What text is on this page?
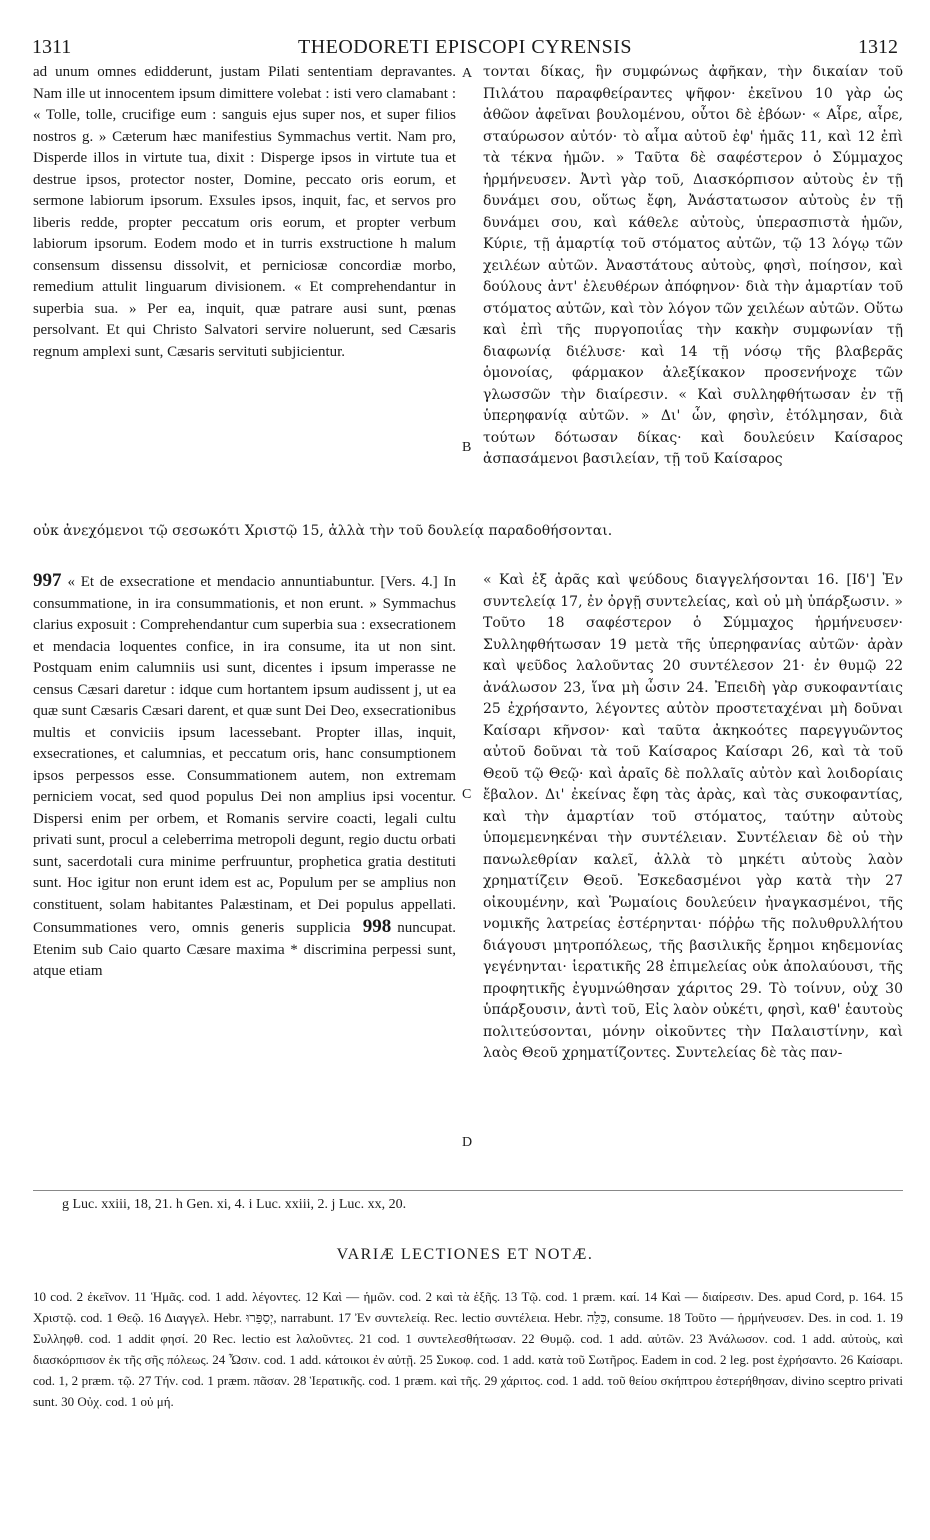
1311	THEODORETI EPISCOPI CYRENSIS	1312
A
B
C
D

ad unum omnes edidderunt, justam Pilati sententiam depravantes. Nam ille ut innocentem ipsum dimittere volebat : isti vero clamabant : « Tolle, tolle, crucifige eum : sanguis ejus super nos, et super filios nostros g. » Cæterum hæc manifestius Symmachus vertit. Nam pro, Disperde illos in virtute tua, dixit : Disperge ipsos in virtute tua et destrue ipsos, protector noster, Domine, peccato oris eorum, et sermone labiorum ipsorum. Exsules ipsos, inquit, fac, et servos pro liberis redde, propter peccatum oris eorum, et propter verbum labiorum ipsorum. Eodem modo et in turris exstructione h malum consensum dissensu dissolvit, et perniciosæ concordiæ morbo, remedium attulit linguarum divisionem. « Et comprehendantur in superbia sua. » Per ea, inquit, quæ patrare ausi sunt, pœnas persolvant. Et qui Christo Salvatori servire noluerunt, sed Cæsaris regnum amplexi sunt, Cæsaris servituti subjicientur.

τονται δίκας, ἣν συμφώνως ἀφῆκαν, τὴν δικαίαν τοῦ Πιλάτου παραφθείραντες ψῆφον· ἐκεῖνου 10 γὰρ ὡς ἀθῶον ἀφεῖναι βουλομένου, οὗτοι δὲ ἐβόων· « Αἶρε, αἶρε, σταύρωσον αὐτόν· τὸ αἷμα αὐτοῦ ἐφ' ἡμᾶς 11, καὶ 12 ἐπὶ τὰ τέκνα ἡμῶν. » Ταῦτα δὲ σαφέστερον ὁ Σύμμαχος ἡρμήνευσεν. Ἀντὶ γὰρ τοῦ, Διασκόρπισον αὐτοὺς ἐν τῇ δυνάμει σου, οὕτως ἔφη, Ἀνάστατωσον αὐτοὺς ἐν τῇ δυνάμει σου, καὶ κάθελε αὐτοὺς, ὑπερασπιστὰ ἡμῶν, Κύριε, τῇ ἁμαρτίᾳ τοῦ στόματος αὐτῶν, τῷ 13 λόγῳ τῶν χειλέων αὐτῶν. Ἀναστάτους αὐτοὺς, φησὶ, ποίησον, καὶ δούλους ἀντ' ἐλευθέρων ἀπόφηνον· διὰ τὴν ἁμαρτίαν τοῦ στόματος αὐτῶν, καὶ τὸν λόγον τῶν χειλέων αὐτῶν. Οὕτω καὶ ἐπὶ τῆς πυργοποιΐας τὴν κακὴν συμφωνίαν τῇ διαφωνίᾳ διέλυσε· καὶ 14 τῇ νόσῳ τῆς βλαβερᾶς ὁμονοίας, φάρμακον ἀλεξίκακον προσενήνοχε τῶν γλωσσῶν τὴν διαίρεσιν. « Καὶ συλληφθήτωσαν ἐν τῇ ὑπερηφανίᾳ αὐτῶν. » Δι' ὧν, φησὶν, ἐτόλμησαν, διὰ τούτων δότωσαν δίκας· καὶ δουλεύειν Καίσαρος ἀσπασάμενοι βασιλείαν, τῇ τοῦ Καίσαρος

οὐκ ἀνεχόμενοι τῷ σεσωκότι Χριστῷ 15, ἀλλὰ τὴν τοῦ δουλείᾳ παραδοθήσονται.

997 « Et de exsecratione et mendacio annuntiabuntur. [Vers. 4.] In consummatione, in ira consummationis, et non erunt. » Symmachus clarius exposuit : Comprehendantur cum superbia sua : exsecrationem et mendacia loquentes confice, in ira consume, ita ut non sint. Postquam enim calumniis usi sunt, dicentes i ipsum imperasse ne census Cæsari daretur : idque cum hortantem ipsum audissent j, ut ea quæ sunt Cæsaris Cæsari darent, et quæ sunt Dei Deo, exsecrationibus multis et conviciis ipsum lacessebant. Propter illas, inquit, exsecrationes, et calumnias, et peccatum oris, hanc consumptionem ipsos perpessos esse. Consummationem autem, non extremam perniciem vocat, sed quod populus Dei non amplius ipsi vocentur. Dispersi enim per orbem, et Romanis servire coacti, legali cultu privati sunt, procul a celeberrima metropoli degunt, regio ductu orbati sunt, sacerdotali cura minime perfruuntur, prophetica gratia destituti sunt. Hoc igitur non erunt idem est ac, Populum per se amplius non constituent, solam habitantes Palæstinam, et Dei populus appellati. Consummationes vero, omnis generis supplicia 998 nuncupat. Etenim sub Caio quarto Cæsare maxima * discrimina perpessi sunt, atque etiam

« Καὶ ἐξ ἀρᾶς καὶ ψεύδους διαγγελήσονται 16. [Ιδ'] Ἐν συντελείᾳ 17, ἐν ὀργῇ συντελείας, καὶ οὐ μὴ ὑπάρξωσιν. » Τοῦτο 18 σαφέστερον ὁ Σύμμαχος ἡρμήνευσεν· Συλληφθήτωσαν 19 μετὰ τῆς ὑπερηφανίας αὐτῶν· ἀρὰν καὶ ψεῦδος λαλοῦντας 20 συντέλεσον 21· ἐν θυμῷ 22 ἀνάλωσον 23, ἵνα μὴ ὦσιν 24. Ἐπειδὴ γὰρ συκοφαντίαις 25 ἐχρήσαντο, λέγοντες αὐτὸν προστεταχέναι μὴ δοῦναι Καίσαρι κῆνσον· καὶ ταῦτα ἀκηκοότες παρεγγυῶντος αὐτοῦ δοῦναι τὰ τοῦ Καίσαρος Καίσαρι 26, καὶ τὰ τοῦ Θεοῦ τῷ Θεῷ· καὶ ἀραῖς δὲ πολλαῖς αὐτὸν καὶ λοιδορίαις ἔβαλον. Δι' ἐκείνας ἔφη τὰς ἀρὰς, καὶ τὰς συκοφαντίας, καὶ τὴν ἁμαρτίαν τοῦ στόματος, ταύτην αὐτοὺς ὑπομεμενηκέναι τὴν συντέλειαν. Συντέλειαν δὲ οὐ τὴν πανωλεθρίαν καλεῖ, ἀλλὰ τὸ μηκέτι αὐτοὺς λαὸν χρηματίζειν Θεοῦ. Ἐσκεδασμένοι γὰρ κατὰ τὴν 27 οἰκουμένην, καὶ Ῥωμαίοις δουλεύειν ἠναγκασμένοι, τῆς νομικῆς λατρείας ἐστέρηνται· πόῤῥω τῆς πολυθρυλλήτου διάγουσι μητροπόλεως, τῆς βασιλικῆς ἔρημοι κηδεμονίας γεγένηνται· ἱερατικῆς 28 ἐπιμελείας οὐκ ἀπολαύουσι, τῆς προφητικῆς ἐγυμνώθησαν χάριτος 29. Τὸ τοίνυν, οὐχ 30 ὑπάρξουσιν, ἀντὶ τοῦ, Εἰς λαὸν οὐκέτι, φησὶ, καθ' ἑαυτοὺς πολιτεύσονται, μόνην οἰκοῦντες τὴν Παλαιστίνην, καὶ λαὸς Θεοῦ χρηματίζοντες. Συντελείας δὲ τὰς παν-

g Luc. xxiii, 18, 21. h Gen. xi, 4. i Luc. xxiii, 2. j Luc. xx, 20.
VARIÆ LECTIONES ET NOTÆ.
10 cod. 2 ἐκεῖνον. 11 Ἡμᾶς. cod. 1 add. λέγοντες. 12 Καὶ — ἡμῶν. cod. 2 καὶ τὰ ἑξῆς. 13 Τῷ. cod. 1 præm. καί. 14 Καὶ — διαίρεσιν. Des. apud Cord, p. 164. 15 Χριστῷ. cod. 1 Θεῷ. 16 Διαγγελ. Hebr. יְסַפֵּרוּ, narrabunt. 17 Ἐν συντελείᾳ. Rec. lectio συντέλεια. Hebr. כַּלֵּה, consume. 18 Τοῦτο — ἡρμήνευσεν. Des. in cod. 1. 19 Συλληφθ. cod. 1 addit φησί. 20 Rec. lectio est λαλοῦντες. 21 cod. 1 συντελεσθήτωσαν. 22 Θυμῷ. cod. 1 add. αὐτῶν. 23 Ἀνάλωσον. cod. 1 add. αὐτοὺς, καὶ διασκόρπισον ἐκ τῆς σῆς πόλεως. 24 Ὦσιν. cod. 1 add. κάτοικοι ἐν αὐτῇ. 25 Συκοφ. cod. 1 add. κατὰ τοῦ Σωτῆρος. Eadem in cod. 2 leg. post ἐχρήσαντο. 26 Καίσαρι. cod. 1, 2 præm. τῷ. 27 Τήν. cod. 1 præm. πᾶσαν. 28 Ἱερατικῆς. cod. 1 præm. καὶ τῆς. 29 χάριτος. cod. 1 add. τοῦ θείου σκήπτρου ἐστερήθησαν, divino sceptro privati sunt. 30 Οὐχ. cod. 1 οὐ μή.
